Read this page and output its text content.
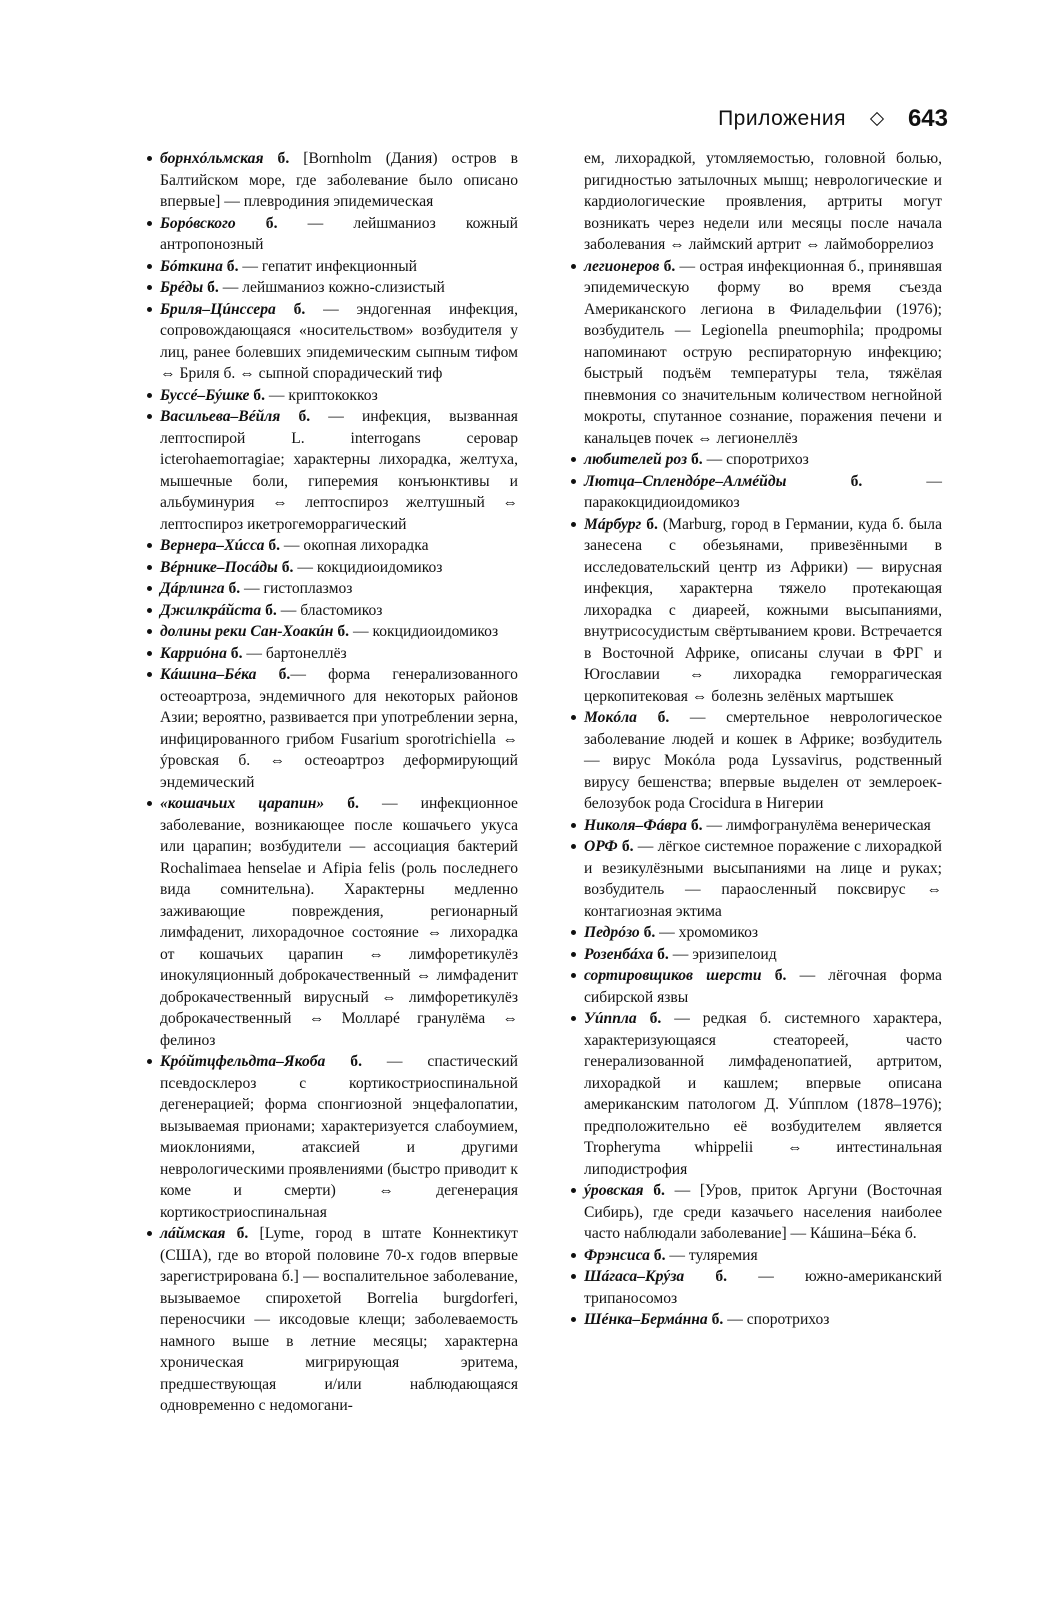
Приложения	643

борнхóльмская б. [Bornholm (Дания) остров в Балтийском море, где заболевание было описано впервые] — плевродиния эпидемическая

Борóвского б. — лейшманиоз кожный антропонозный

Бóткина б. — гепатит инфекционный

Брéды б. — лейшманиоз кожно-слизистый

Бриля–Цúнссера б. — эндогенная инфекция, сопровождающаяся «носительством» возбудителя у лиц, ранее болевших эпидемическим сыпным тифом ⇔ Бриля б. ⇔ сыпной спорадический тиф

Буссé–Бýшке б. — криптококкоз

Васильева–Вéйля б. — инфекция, вызванная лептоспирой L. interrogans серовар icterohaemorragiae; характерны лихорадка, желтуха, мышечные боли, гиперемия конъюнктивы и альбуминурия ⇔ лептоспироз желтушный ⇔ лептоспироз икетрогеморрагический

Вернера–Хúсса б. — окопная лихорадка

Вéрнике–Посáды б. — кокцидиоидомикоз

Дáрлинга б. — гистоплазмоз

Джилкрáйста б. — бластомикоз

долины реки Сан-Хоакúн б. — кокцидиоидомикоз

Карриóна б. — бартонеллёз

Кáшина–Бéка б.— форма генерализованного остеоартроза, эндемичного для некоторых районов Азии; вероятно, развивается при употреблении зерна, инфицированного грибом Fusarium sporotrichiella ⇔ ýровская б. ⇔ остеоартроз деформирующий эндемический

«кошачьих царапин» б. — инфекционное заболевание, возникающее после кошачьего укуса или царапин; возбудители — ассоциация бактерий Rochalimaea henselae и Afipia felis (роль последнего вида сомнительна). Характерны медленно заживающие повреждения, регионарный лимфаденит, лихорадочное состояние ⇔ лихорадка от кошачьих царапин ⇔ лимфоретикулёз инокуляционный доброкачественный ⇔ лимфаденит доброкачественный вирусный ⇔ лимфоретикулёз доброкачественный ⇔ Моллaрé гранулёма ⇔ фелиноз

Крóйтцфельдта–Якоба б. — спастический псевдосклероз с кортикостриоспинальной дегенерацией; форма спонгиозной энцефалопатии, вызываемая прионами; характеризуется слабоумием, миоклониями, атаксией и другими неврологическими проявлениями (быстро приводит к коме и смерти) ⇔ дегенерация кортикостриоспинальная

лáймская б. [Lyme, город в штате Коннектикут (США), где во второй половине 70-х годов впервые зарегистрирована б.] — воспалительное заболевание, вызываемое спирохетой Borrelia burgdorferi, переносчики — иксодовые клещи; заболеваемость намного выше в летние месяцы; характерна хроническая мигрирующая эритема, предшествующая и/или наблюдающаяся одновременно с недомогани-

ем, лихорадкой, утомляемостью, головной болью, ригидностью затылочных мышц; неврологические и кардиологические проявления, артриты могут возникать через недели или месяцы после начала заболевания ⇔ лаймский артрит ⇔ лаймоборрелиоз

легионеров б. — острая инфекционная б., принявшая эпидемическую форму во время съезда Американского легиона в Филадельфии (1976); возбудитель — Legionella pneumophila; продромы напоминают острую респираторную инфекцию; быстрый подъём температуры тела, тяжёлая пневмония со значительным количеством негнойной мокроты, спутанное сознание, поражения печени и канальцев почек ⇔ легионеллёз

любителей роз б. — споротрихоз

Лютца–Сплендóре–Алмéйды	б. — паракокцидиоидомикоз

Мáрбург б. (Marburg, город в Германии, куда б. была занесена с обезьянами, привезёнными в исследовательский центр из Африки) — вирусная инфекция, характерна тяжело протекающая лихорадка с диареей, кожными высыпаниями, внутрисосудистым свёртыванием крови. Встречается в Восточной Африке, описаны случаи в ФРГ и Югославии ⇔ лихорадка геморрагическая церкопитековая ⇔ болезнь зелёных мартышек

Мокóла б. — смертельное неврологическое заболевание людей и кошек в Африке; возбудитель — вирус Мокóла рода Lyssavirus, родственный вирусу бешенства; впервые выделен от землероек-белозубок рода Crocidura в Нигерии

Николя–Фáвра б. — лимфогранулёма венерическая

ОРФ б. — лёгкое системное поражение с лихорадкой и везикулёзными высыпаниями на лице и руках; возбудитель — парaосленный поксвирус ⇔ контагиозная эктима

Педрóзо б. — хромомикоз

Розенбáха б. — эризипелоид

сортировщиков шерсти б. — лёгочная форма сибирской язвы

Уúппла б. — редкая б. системного характера, характеризующаяся стеатореей, часто генерализованной лимфаденопатией, артритом, лихорадкой и кашлем; впервые описана американским патологом Д. Уúпплом (1878–1976); предположительно её возбудителем является Tropheryma whippelii ⇔ интестинальная липодистрофия

ýровская б. — [Уров, приток Аргуни (Восточная Сибирь), где среди казачьего населения наиболее часто наблюдали заболевание] — Кáшина–Бéка б.

Фрэнсиса б. — туляремия

Шáгаса–Крýза б. — южно-американский трипаносомоз

Шéнка–Бермáнна б. — споротрихоз
